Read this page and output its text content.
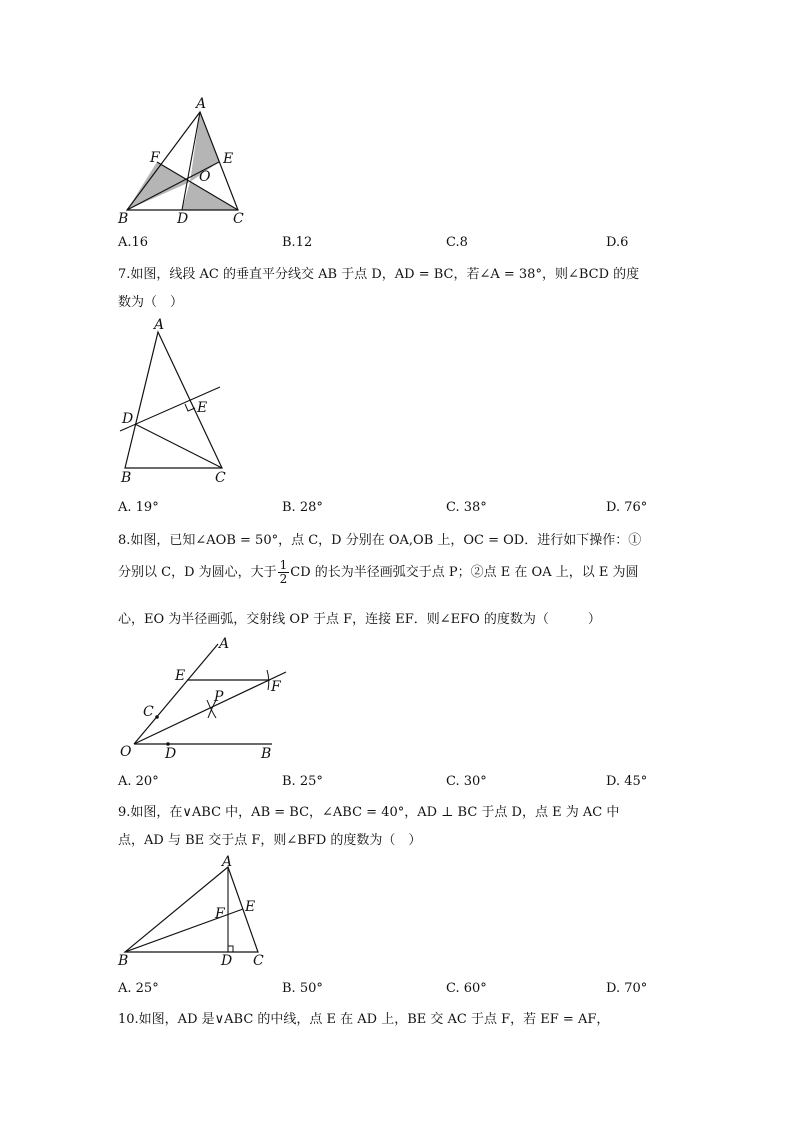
A
F	E
O
B	D	C
A.16	B.12	C.8	D.6
7.如图，线段 AC 的垂直平分线交 AB 于点 D，AD = BC，若∠A = 38°，则∠BCD 的度
数为（　）
A
D
E
B	C
A. 19°	B. 28°	C. 38°	D. 76°
8.如图，已知∠AOB = 50°，点 C，D 分别在 OA,OB 上，OC = OD．进行如下操作：①
分别以 C，D 为圆心，大于 $\frac{1}{2}$ CD 的长为半径画弧交于点 P；②点 E 在 OA 上，以 E 为圆
心，EO 为半径画弧，交射线 OP 于点 F，连接 EF．则∠EFO 的度数为（　　　）
A
E
F
P
C
O D	B
A. 20°	B. 25°	C. 30°	D. 45°
9.如图，在∨ABC 中，AB = BC，∠ABC = 40°，AD ⊥ BC 于点 D，点 E 为 AC 中
点，AD 与 BE 交于点 F，则∠BFD 的度数为（　）
A
F E
B	D C
A. 25°	B. 50°	C. 60°	D. 70°
10.如图，AD 是∨ABC 的中线，点 E 在 AD 上，BE 交 AC 于点 F，若 EF = AF，
